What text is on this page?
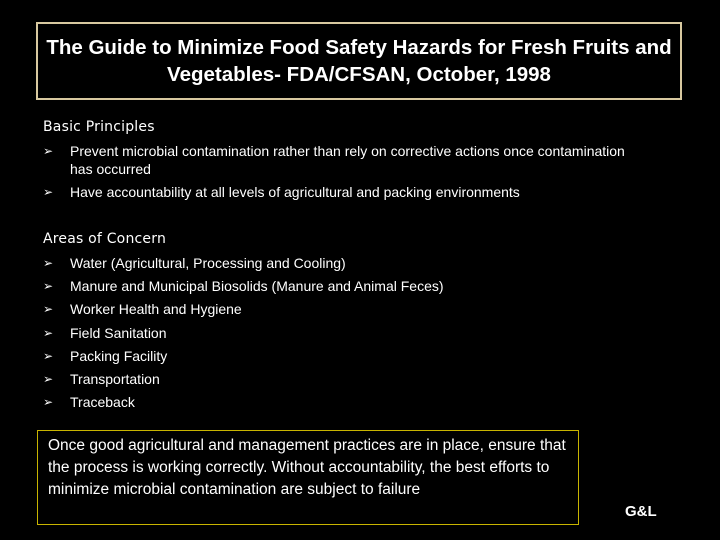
The Guide to Minimize Food Safety Hazards for Fresh Fruits and Vegetables- FDA/CFSAN, October, 1998
Basic Principles
➢ Prevent microbial contamination rather than rely on corrective actions once contamination has occurred
➢ Have accountability at all levels of agricultural and packing environments
Areas of Concern
➢ Water (Agricultural, Processing and Cooling)
➢ Manure and Municipal Biosolids (Manure and Animal Feces)
➢ Worker Health and Hygiene
➢ Field Sanitation
➢ Packing Facility
➢ Transportation
➢ Traceback
Once good agricultural and management practices are in place, ensure that the process is working correctly. Without accountability, the best efforts to minimize microbial contamination are subject to failure
G&L
